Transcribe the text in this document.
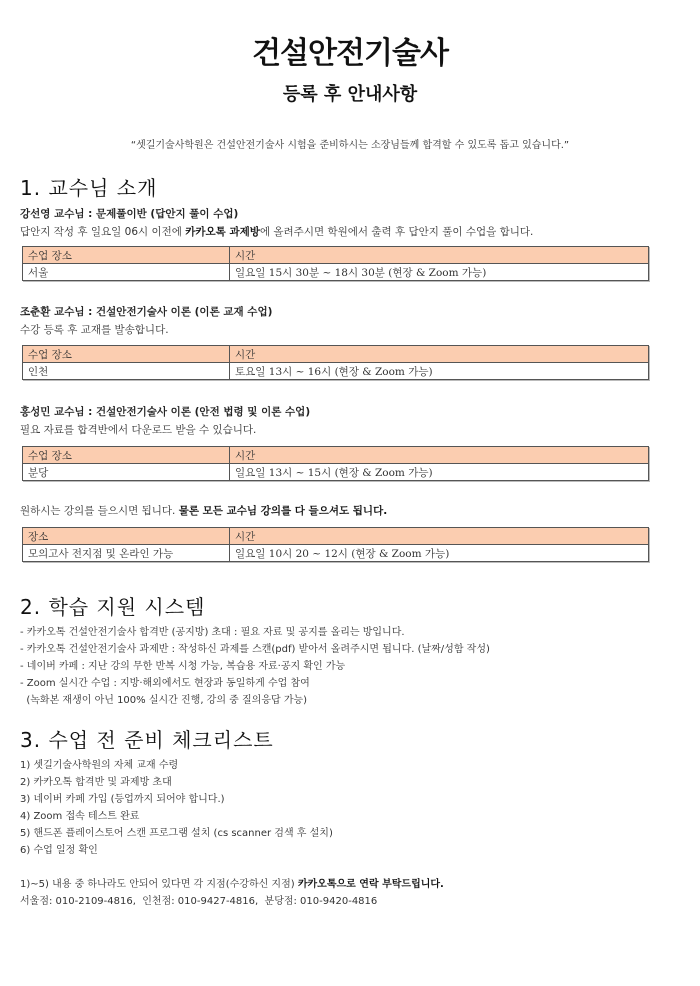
건설안전기술사
등록 후 안내사항
“셋길기술사학원은 건설안전기술사 시험을 준비하시는 소장님들께 합격할 수 있도록 돕고 있습니다.”
1. 교수님 소개
강선영 교수님 : 문제풀이반 (답안지 풀이 수업)
답안지 작성 후 일요일 06시 이전에 카카오톡 과제방에 올려주시면 학원에서 출력 후 답안지 풀이 수업을 합니다.
수업 장소	시간
서울	일요일 15시 30분 ~ 18시 30분 (현장 & Zoom 가능)
조춘환 교수님 : 건설안전기술사 이론 (이론 교재 수업)
수강 등록 후 교재를 발송합니다.
수업 장소	시간
인천	토요일 13시 ~ 16시 (현장 & Zoom 가능)
홍성민 교수님 : 건설안전기술사 이론 (안전 법령 및 이론 수업)
필요 자료를 합격반에서 다운로드 받을 수 있습니다.
수업 장소	시간
분당	일요일 13시 ~ 15시 (현장 & Zoom 가능)
원하시는 강의를 들으시면 됩니다. 물론 모든 교수님 강의를 다 들으셔도 됩니다.
장소	시간
모의고사 전지점 및 온라인 가능	일요일 10시 20 ~ 12시 (현장 & Zoom 가능)
2. 학습 지원 시스템
- 카카오톡 건설안전기술사 합격반 (공지방) 초대 : 필요 자료 및 공지를 올리는 방입니다.
- 카카오톡 건설안전기술사 과제반 : 작성하신 과제를 스캔(pdf) 받아서 올려주시면 됩니다. (날짜/성함 작성)
- 네이버 카페 : 지난 강의 무한 반복 시청 가능, 복습용 자료·공지 확인 가능
- Zoom 실시간 수업 : 지방·해외에서도 현장과 동일하게 수업 참여
(녹화본 재생이 아닌 100% 실시간 진행, 강의 중 질의응답 가능)
3. 수업 전 준비 체크리스트
1) 셋길기술사학원의 자체 교재 수령
2) 카카오톡 합격반 및 과제방 초대
3) 네이버 카페 가입 (등업까지 되어야 합니다.)
4) Zoom 접속 테스트 완료
5) 핸드폰 플레이스토어 스캔 프로그램 설치 (cs scanner 검색 후 설치)
6) 수업 일정 확인
1)~5) 내용 중 하나라도 안되어 있다면 각 지점(수강하신 지점) 카카오톡으로 연락 부탁드립니다.
서울점: 010-2109-4816,  인천점: 010-9427-4816,  분당점: 010-9420-4816
